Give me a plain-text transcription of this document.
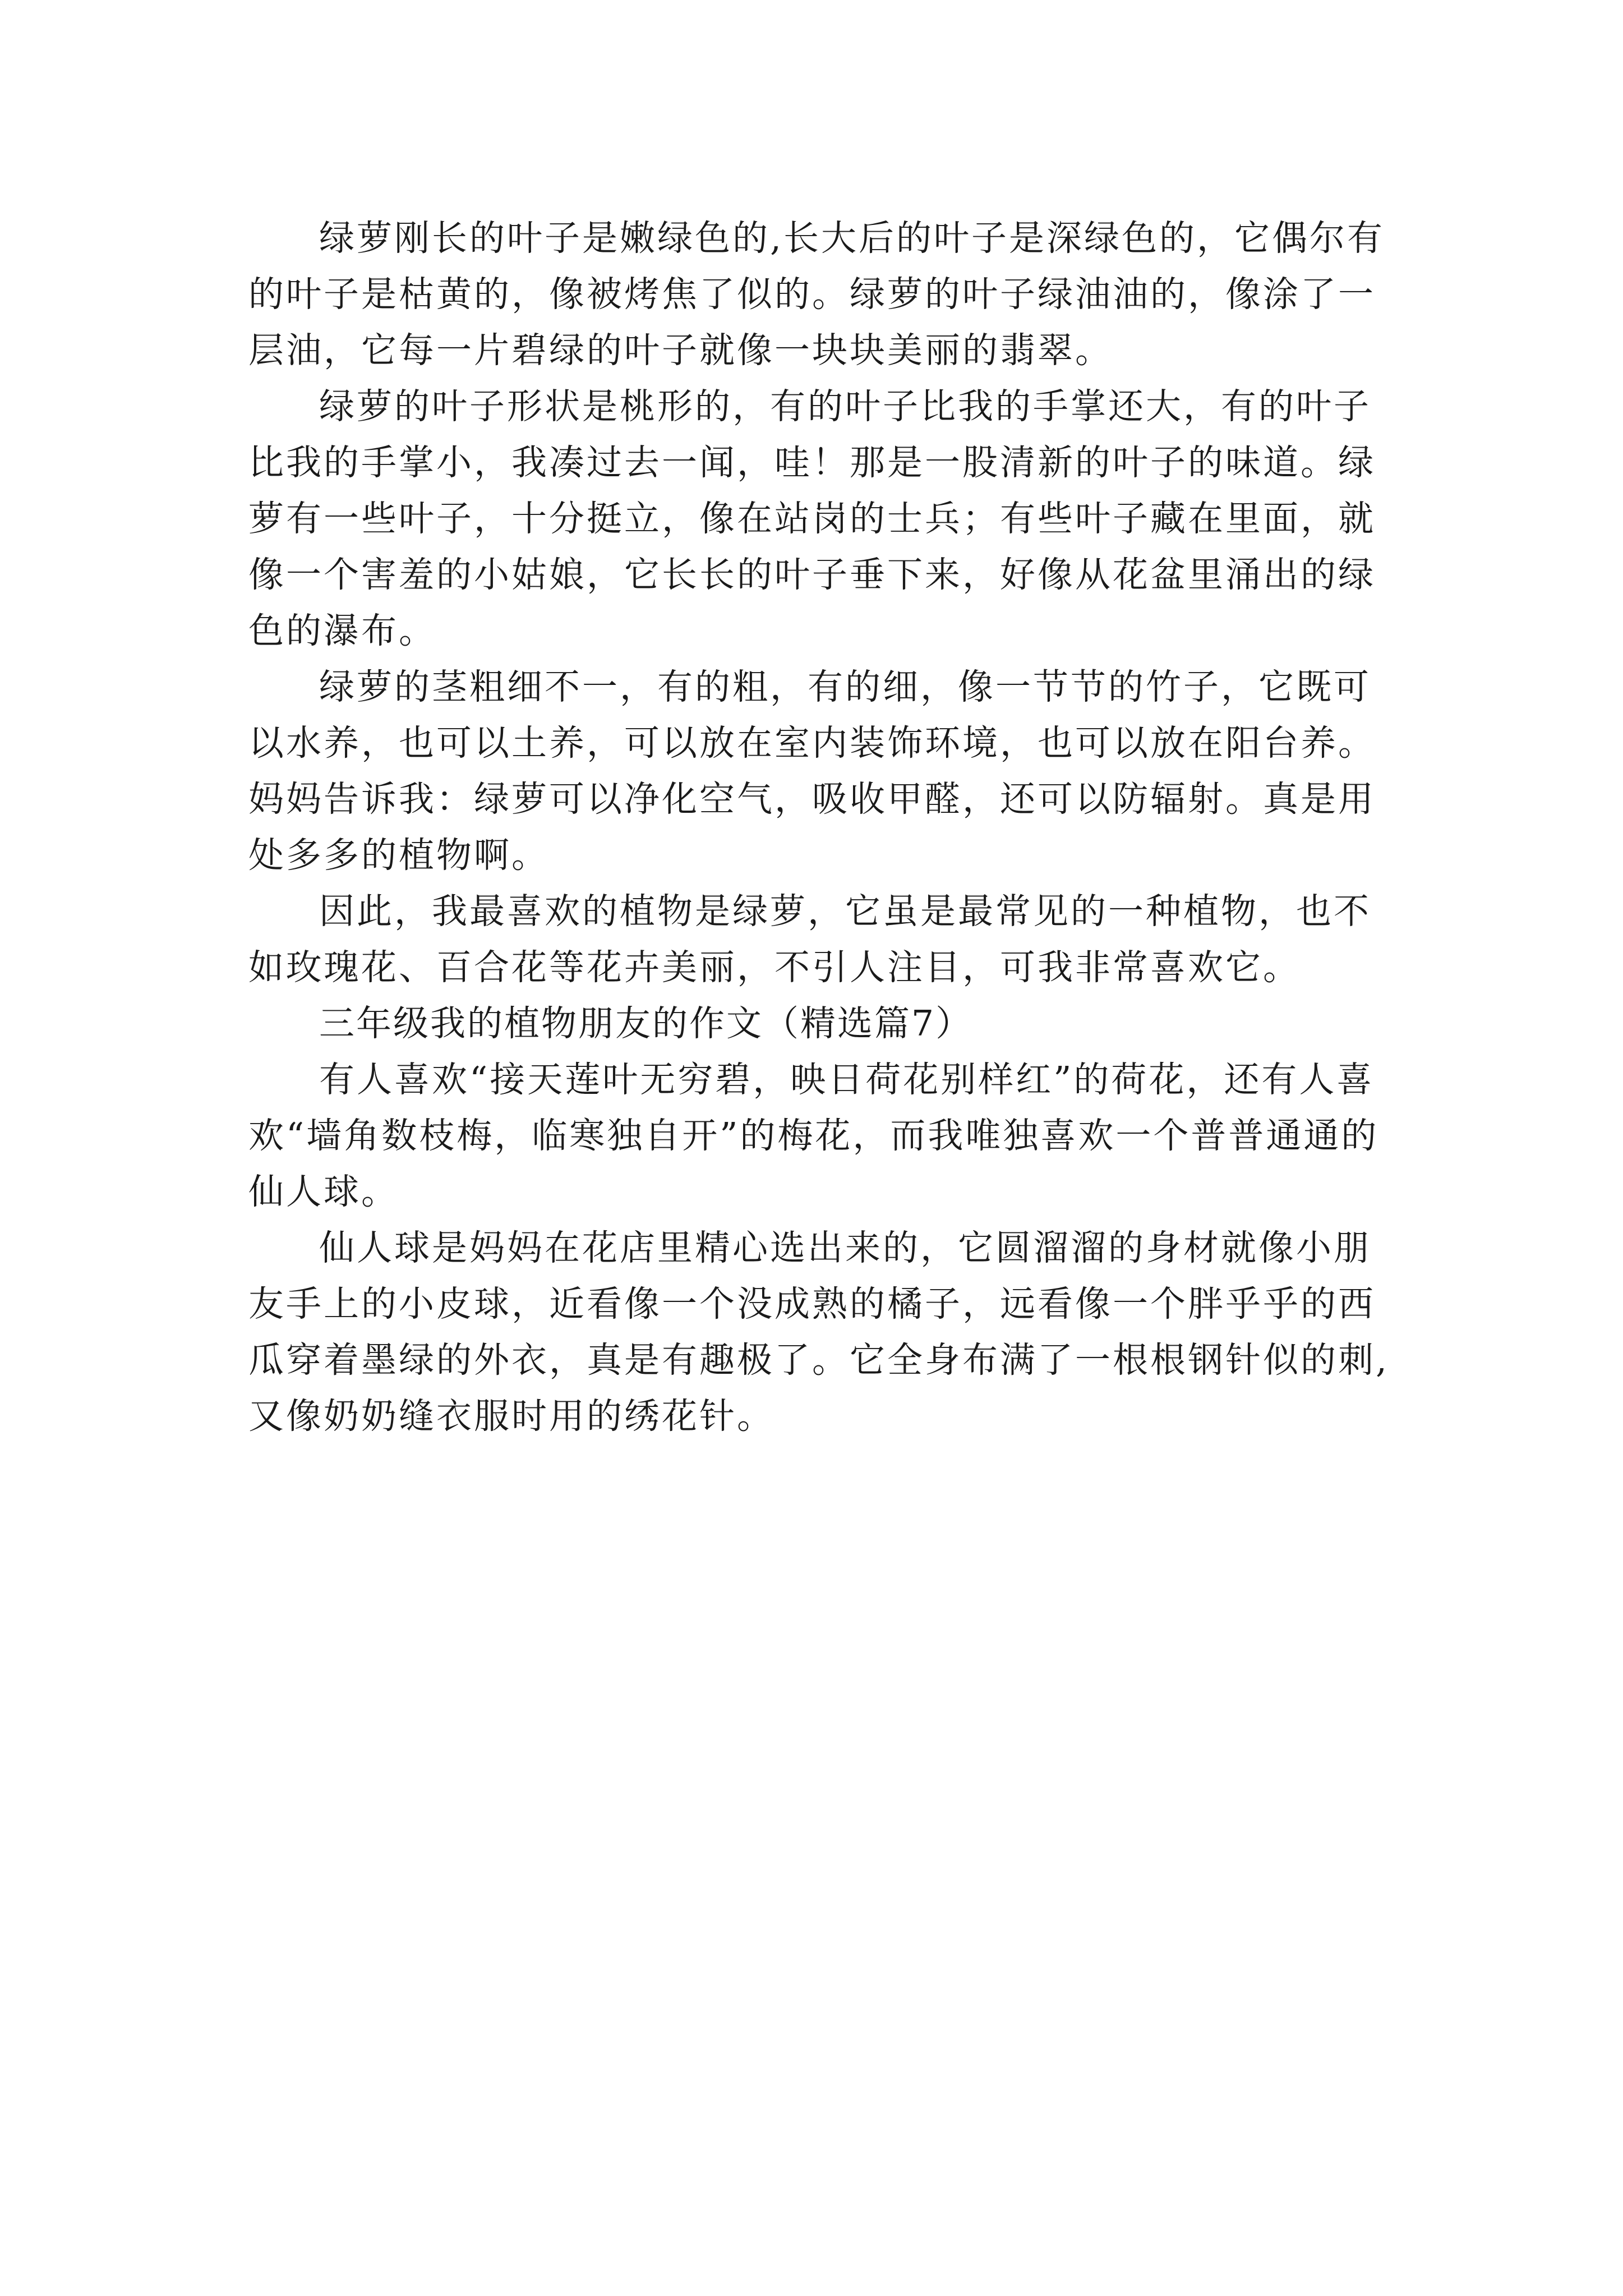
绿萝刚长的叶子是嫩绿色的,长大后的叶子是深绿色的，它偶尔有的叶子是枯黄的，像被烤焦了似的。绿萝的叶子绿油油的，像涂了一层油，它每一片碧绿的叶子就像一块块美丽的翡翠。

绿萝的叶子形状是桃形的，有的叶子比我的手掌还大，有的叶子比我的手掌小，我凑过去一闻，哇！那是一股清新的叶子的味道。绿萝有一些叶子，十分挺立，像在站岗的士兵；有些叶子藏在里面，就像一个害羞的小姑娘，它长长的叶子垂下来，好像从花盆里涌出的绿色的瀑布。

绿萝的茎粗细不一，有的粗，有的细，像一节节的竹子，它既可以水养，也可以土养，可以放在室内装饰环境，也可以放在阳台养。妈妈告诉我：绿萝可以净化空气，吸收甲醛，还可以防辐射。真是用处多多的植物啊。

因此，我最喜欢的植物是绿萝，它虽是最常见的一种植物，也不如玫瑰花、百合花等花卉美丽，不引人注目，可我非常喜欢它。

三年级我的植物朋友的作文（精选篇7）

有人喜欢“接天莲叶无穷碧，映日荷花别样红”的荷花，还有人喜欢“墙角数枝梅，临寒独自开”的梅花，而我唯独喜欢一个普普通通的仙人球。

仙人球是妈妈在花店里精心选出来的，它圆溜溜的身材就像小朋友手上的小皮球，近看像一个没成熟的橘子，远看像一个胖乎乎的西瓜穿着墨绿的外衣，真是有趣极了。它全身布满了一根根钢针似的刺,又像奶奶缝衣服时用的绣花针。
